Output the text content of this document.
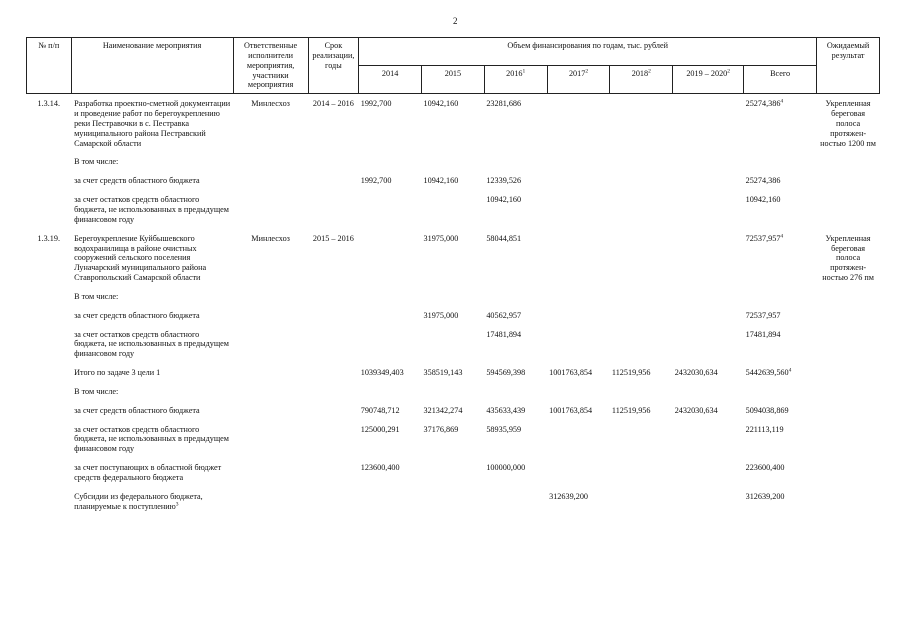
2
№ п/п	Наименование мероприятия	Ответственные исполнители мероприятия, участники мероприятия	Срок реализации, годы	Объем финансирования по годам, тыс. рублей							Ожидаемый результат
				2014	2015	2016$^1$	2017$^2$	2018$^2$	2019 – 2020$^2$	Всего	
1.3.14.	Разработка проектно-сметной документации и проведение работ по берегоукреплению реки Пестравочки в с. Пестравка муниципального района Пестравский Самарской области	Минлесхоз	2014 – 2016	1992,700	10942,160	23281,686				25274,386$^4$	Укрепленная береговая полоса протяжен-ностью 1200 пм
	В том числе:										
	за счет средств областного бюджета			1992,700	10942,160	12339,526				25274,386	
	за счет остатков средств областного бюджета, не использованных в предыдущем финансовом году					10942,160				10942,160	
1.3.19.	Берегоукрепление Куйбышевского водохранилища в районе очистных сооружений сельского поселения Луначарский муниципального района Ставропольский Самарской области	Минлесхоз	2015 – 2016		31975,000	58044,851				72537,957$^4$	Укрепленная береговая полоса протяжен-ностью 276 пм
	В том числе:										
	за счет средств областного бюджета				31975,000	40562,957				72537,957	
	за счет остатков средств областного бюджета, не использованных в предыдущем финансовом году					17481,894				17481,894	
	Итого по задаче 3 цели 1			1039349,403	358519,143	594569,398	1001763,854	112519,956	2432030,634	5442639,560$^4$	
	В том числе:										
	за счет средств областного бюджета			790748,712	321342,274	435633,439	1001763,854	112519,956	2432030,634	5094038,869	
	за счет остатков средств областного бюджета, не использованных в предыдущем финансовом году			125000,291	37176,869	58935,959				221113,119	
	за счет поступающих в областной бюджет средств федерального бюджета			123600,400		100000,000				223600,400	
	Субсидии из федерального бюджета, планируемые к поступлению$^3$						312639,200			312639,200	
